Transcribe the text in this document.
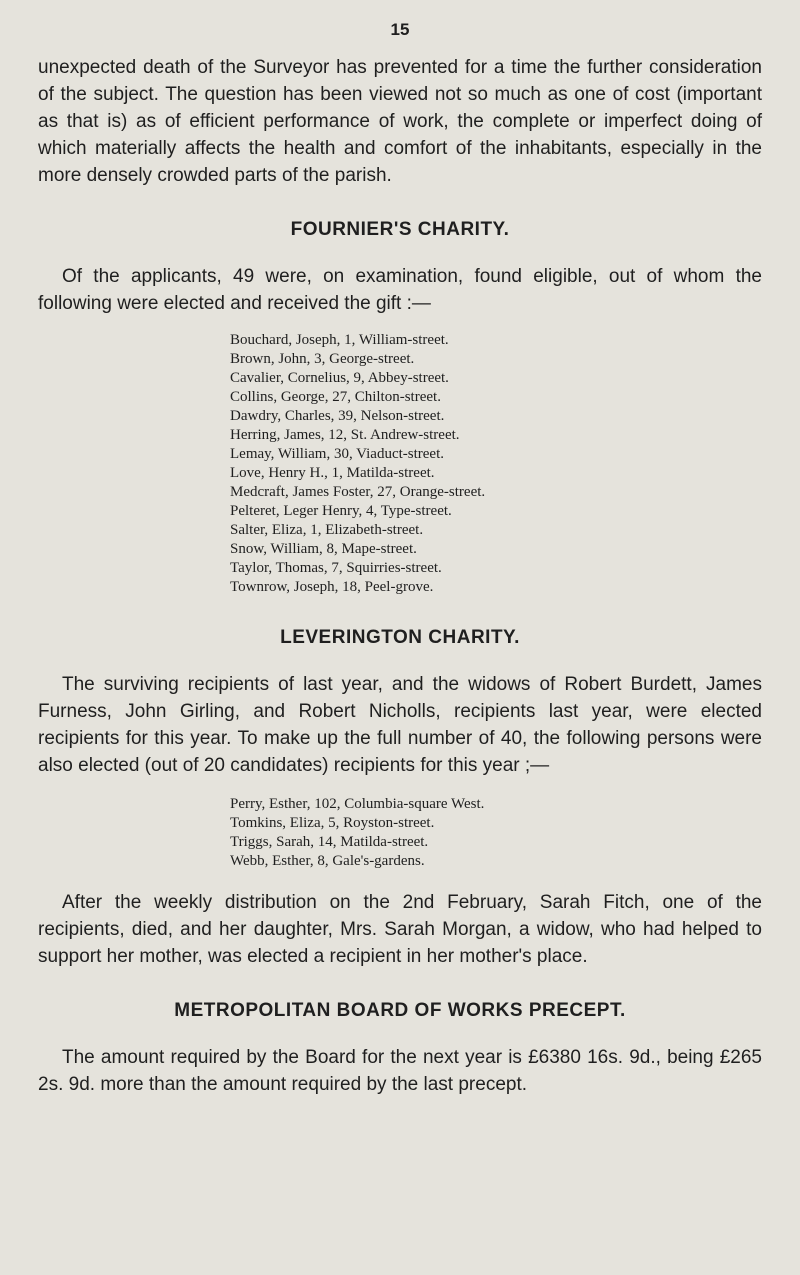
15

unexpected death of the Surveyor has prevented for a time the further consideration of the subject. The question has been viewed not so much as one of cost (important as that is) as of efficient performance of work, the complete or imperfect doing of which materially affects the health and comfort of the inhabitants, especially in the more densely crowded parts of the parish.

FOURNIER'S CHARITY.

Of the applicants, 49 were, on examination, found eligible, out of whom the following were elected and received the gift :—

Bouchard, Joseph, 1, William-street.
Brown, John, 3, George-street.
Cavalier, Cornelius, 9, Abbey-street.
Collins, George, 27, Chilton-street.
Dawdry, Charles, 39, Nelson-street.
Herring, James, 12, St. Andrew-street.
Lemay, William, 30, Viaduct-street.
Love, Henry H., 1, Matilda-street.
Medcraft, James Foster, 27, Orange-street.
Pelteret, Leger Henry, 4, Type-street.
Salter, Eliza, 1, Elizabeth-street.
Snow, William, 8, Mape-street.
Taylor, Thomas, 7, Squirries-street.
Townrow, Joseph, 18, Peel-grove.
LEVERINGTON CHARITY.

The surviving recipients of last year, and the widows of Robert Burdett, James Furness, John Girling, and Robert Nicholls, recipients last year, were elected recipients for this year. To make up the full number of 40, the following persons were also elected (out of 20 candidates) recipients for this year ;—

Perry, Esther, 102, Columbia-square West.
Tomkins, Eliza, 5, Royston-street.
Triggs, Sarah, 14, Matilda-street.
Webb, Esther, 8, Gale's-gardens.

After the weekly distribution on the 2nd February, Sarah Fitch, one of the recipients, died, and her daughter, Mrs. Sarah Morgan, a widow, who had helped to support her mother, was elected a recipient in her mother's place.

METROPOLITAN BOARD OF WORKS PRECEPT.

The amount required by the Board for the next year is £6380 16s. 9d., being £265 2s. 9d. more than the amount required by the last precept.
